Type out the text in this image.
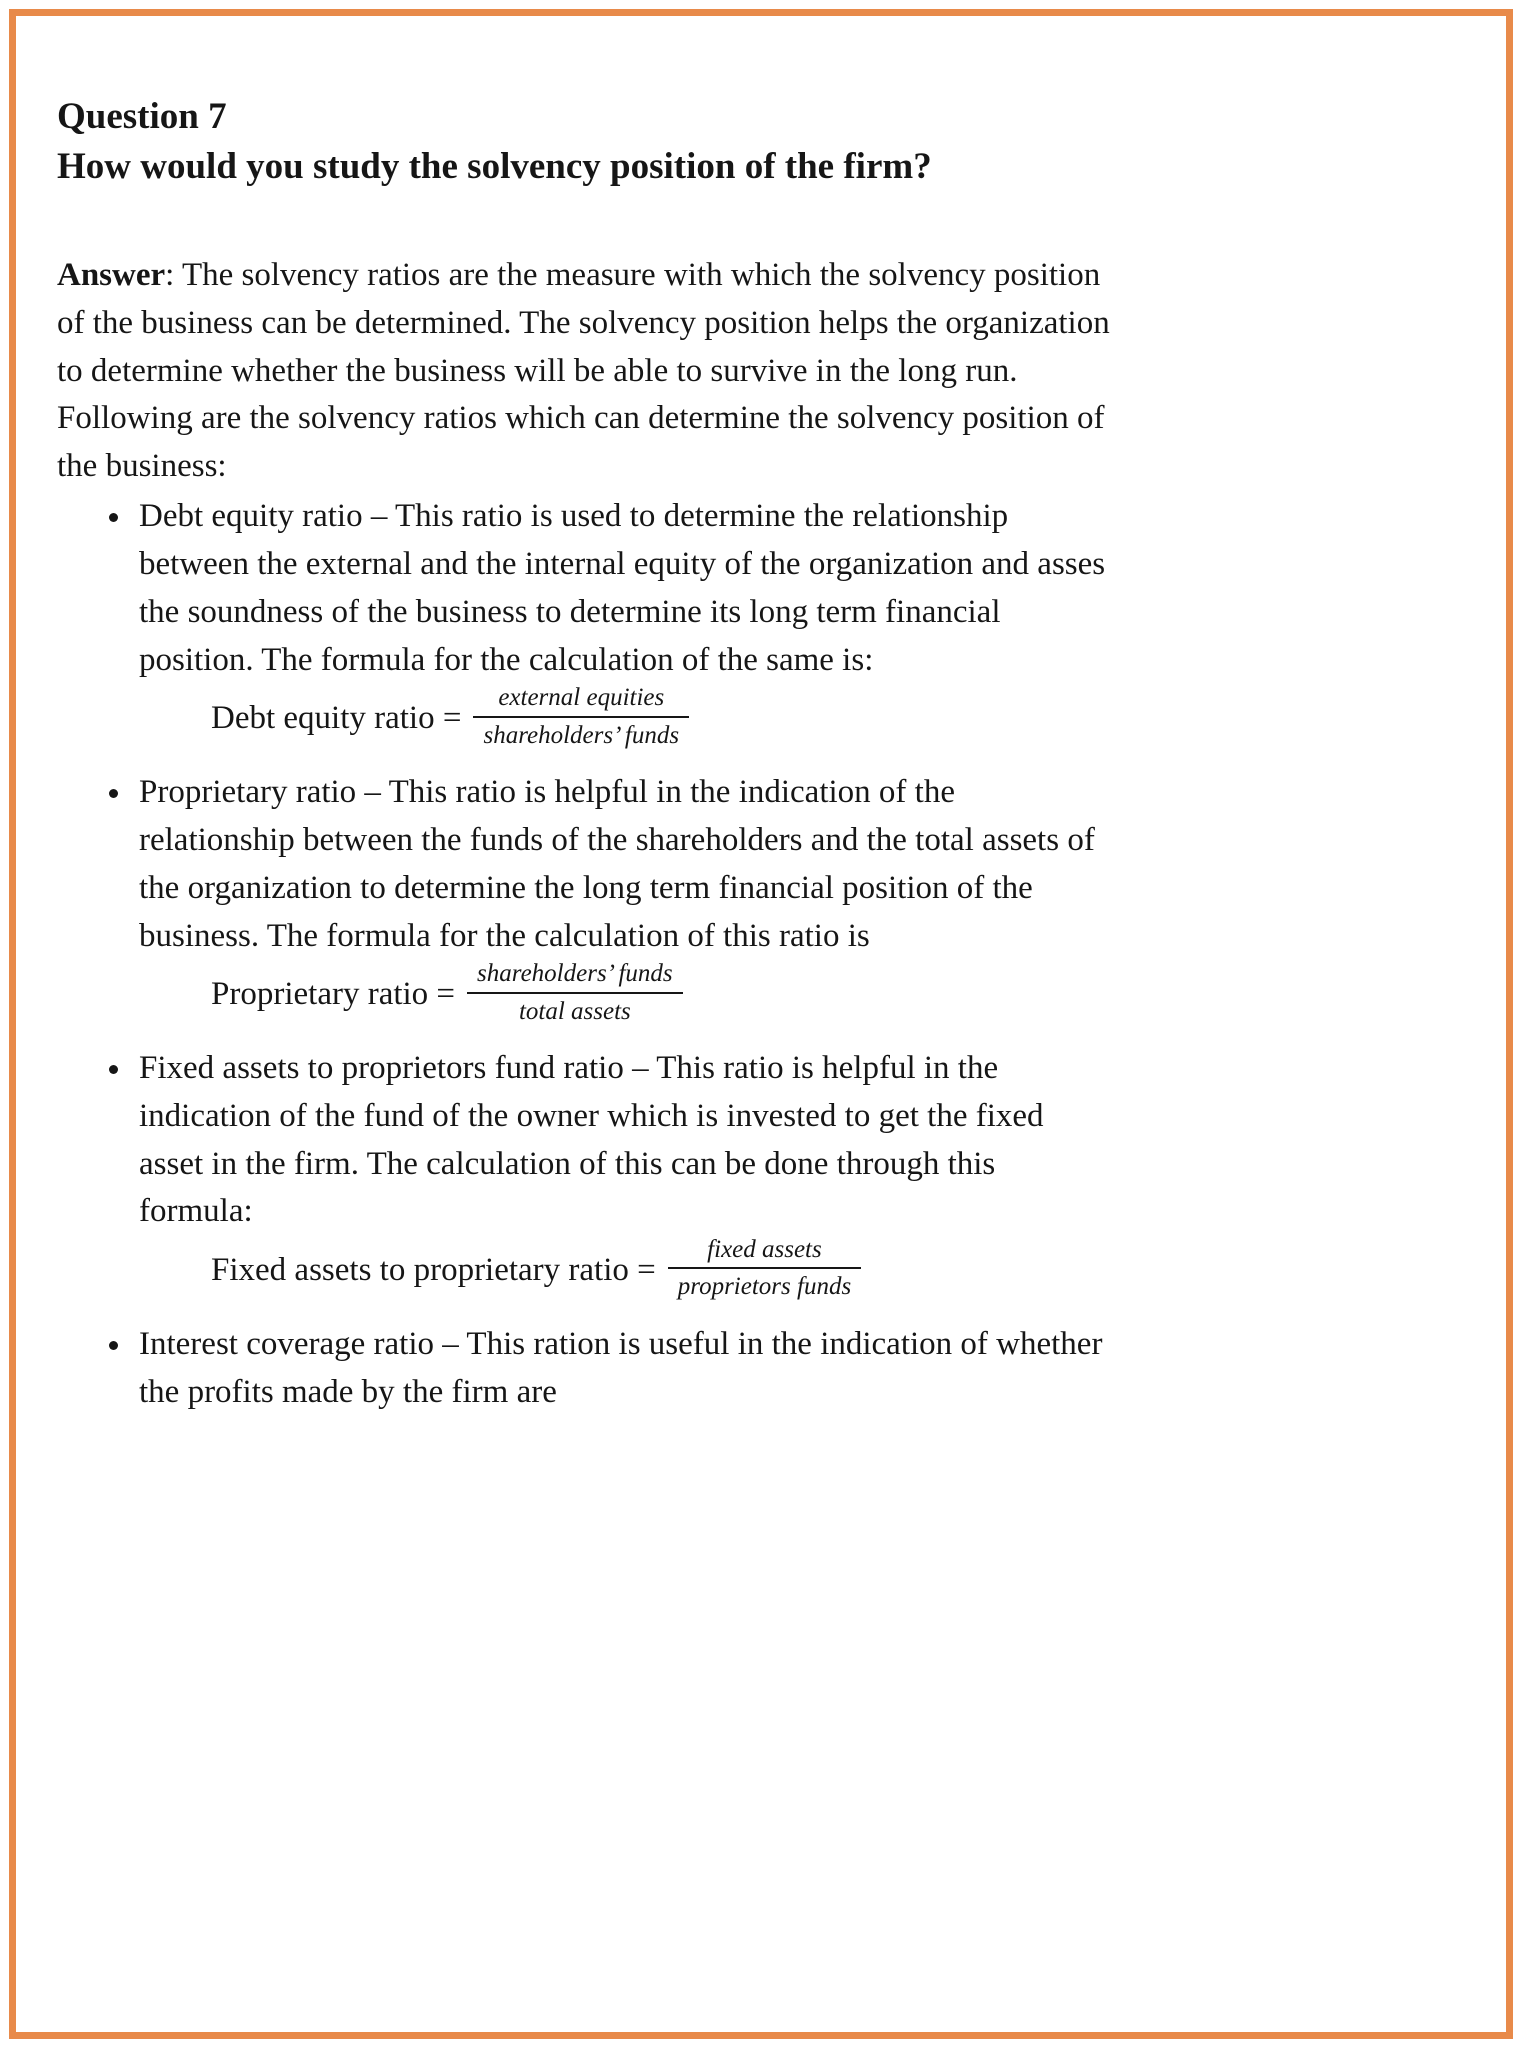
Question 7
How would you study the solvency position of the firm?

Answer: The solvency ratios are the measure with which the solvency position of the business can be determined. The solvency position helps the organization to determine whether the business will be able to survive in the long run. Following are the solvency ratios which can determine the solvency position of the business:

• Debt equity ratio – This ratio is used to determine the relationship between the external and the internal equity of the organization and asses the soundness of the business to determine its long term financial position. The formula for the calculation of the same is:
Debt equity ratio = $\frac{\text{external equities}}{\text{shareholders’ funds}}$
• Proprietary ratio – This ratio is helpful in the indication of the relationship between the funds of the shareholders and the total assets of the organization to determine the long term financial position of the business. The formula for the calculation of this ratio is
Proprietary ratio = $\frac{\text{shareholders’ funds}}{\text{total assets}}$
• Fixed assets to proprietors fund ratio – This ratio is helpful in the indication of the fund of the owner which is invested to get the fixed asset in the firm. The calculation of this can be done through this formula:
Fixed assets to proprietary ratio = $\frac{\text{fixed assets}}{\text{proprietors funds}}$
• Interest coverage ratio – This ration is useful in the indication of whether the profits made by the firm are
